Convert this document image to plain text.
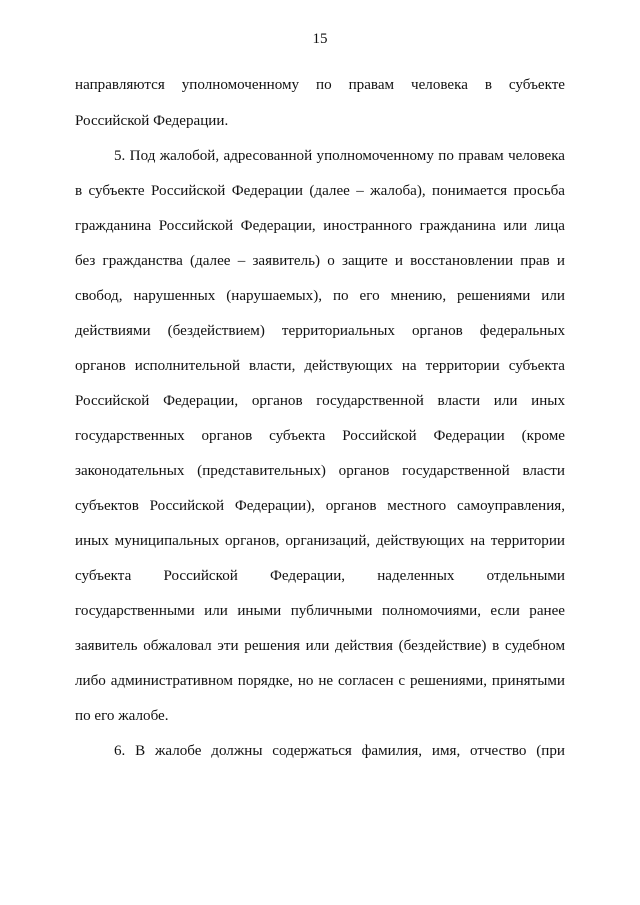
15
направляются уполномоченному по правам человека в субъекте
Российской Федерации.
5. Под жалобой, адресованной уполномоченному по правам человека
в субъекте Российской Федерации (далее – жалоба), понимается просьба
гражданина Российской Федерации, иностранного гражданина или лица
без гражданства (далее – заявитель) о защите и восстановлении прав и
свобод, нарушенных (нарушаемых), по его мнению, решениями или
действиями (бездействием) территориальных органов федеральных
органов исполнительной власти, действующих на территории субъекта
Российской Федерации, органов государственной власти или иных
государственных органов субъекта Российской Федерации (кроме
законодательных (представительных) органов государственной власти
субъектов Российской Федерации), органов местного самоуправления,
иных муниципальных органов, организаций, действующих на территории
субъекта Российской Федерации, наделенных отдельными
государственными или иными публичными полномочиями, если ранее
заявитель обжаловал эти решения или действия (бездействие) в судебном
либо административном порядке, но не согласен с решениями, принятыми
по его жалобе.
6. В жалобе должны содержаться фамилия, имя, отчество (при
